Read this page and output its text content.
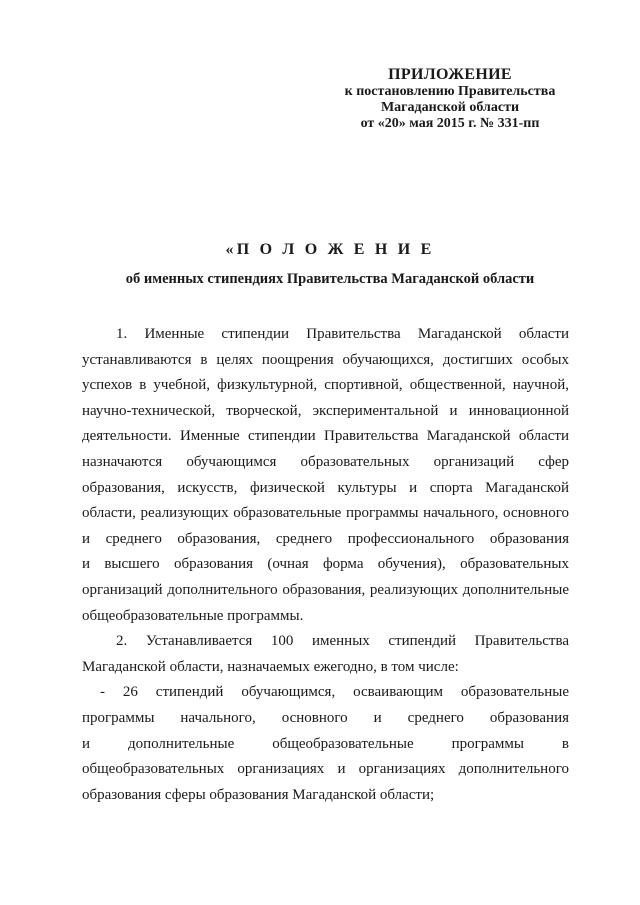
ПРИЛОЖЕНИЕ
к постановлению Правительства
Магаданской области
от «20» мая 2015 г. № 331-пп
«П О Л О Ж Е Н И Е
об именных стипендиях Правительства Магаданской области
1. Именные стипендии Правительства Магаданской области
устанавливаются в целях поощрения обучающихся, достигших особых
успехов в учебной, физкультурной, спортивной, общественной, научной,
научно-технической, творческой, экспериментальной и инновационной
деятельности. Именные стипендии Правительства Магаданской области
назначаются обучающимся образовательных организаций сфер
образования, искусств, физической культуры и спорта Магаданской
области, реализующих образовательные программы начального, основного
и среднего образования, среднего профессионального образования
и высшего образования (очная форма обучения), образовательных
организаций дополнительного образования, реализующих дополнительные
общеобразовательные программы.
2. Устанавливается 100 именных стипендий Правительства
Магаданской области, назначаемых ежегодно, в том числе:
- 26 стипендий обучающимся, осваивающим образовательные
программы начального, основного и среднего образования
и дополнительные общеобразовательные программы в
общеобразовательных организациях и организациях дополнительного
образования сферы образования Магаданской области;
